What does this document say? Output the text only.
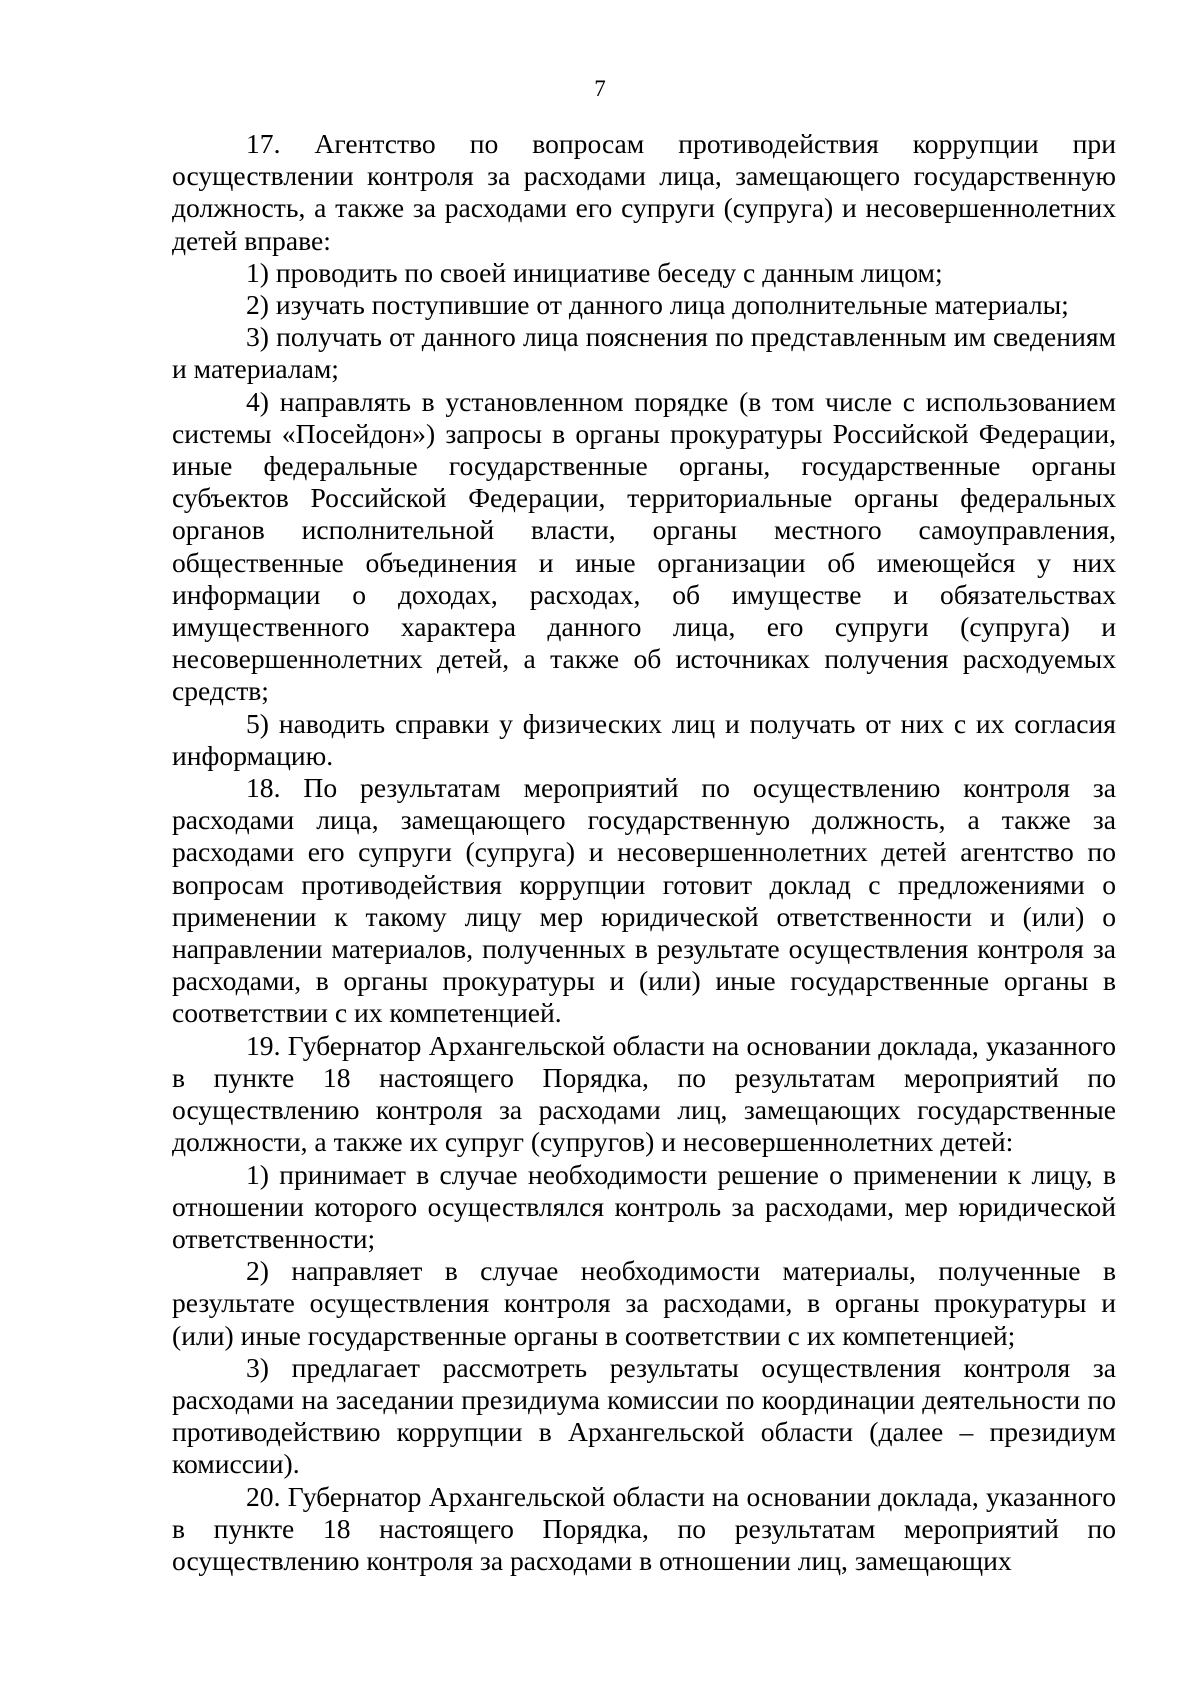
7

17. Агентство по вопросам противодействия коррупции при осуществлении контроля за расходами лица, замещающего государственную должность, а также за расходами его супруги (супруга) и несовершеннолетних детей вправе:

1) проводить по своей инициативе беседу с данным лицом;

2) изучать поступившие от данного лица дополнительные материалы;

3) получать от данного лица пояснения по представленным им сведениям и материалам;

4) направлять в установленном порядке (в том числе с использованием системы «Посейдон») запросы в органы прокуратуры Российской Федерации, иные федеральные государственные органы, государственные органы субъектов Российской Федерации, территориальные органы федеральных органов исполнительной власти, органы местного самоуправления, общественные объединения и иные организации об имеющейся у них информации о доходах, расходах, об имуществе и обязательствах имущественного характера данного лица, его супруги (супруга) и несовершеннолетних детей, а также об источниках получения расходуемых средств;

5) наводить справки у физических лиц и получать от них с их согласия информацию.

18. По результатам мероприятий по осуществлению контроля за расходами лица, замещающего государственную должность, а также за расходами его супруги (супруга) и несовершеннолетних детей агентство по вопросам противодействия коррупции готовит доклад с предложениями о применении к такому лицу мер юридической ответственности и (или) о направлении материалов, полученных в результате осуществления контроля за расходами, в органы прокуратуры и (или) иные государственные органы в соответствии с их компетенцией.

19. Губернатор Архангельской области на основании доклада, указанного в пункте 18 настоящего Порядка, по результатам мероприятий по осуществлению контроля за расходами лиц, замещающих государственные должности, а также их супруг (супругов) и несовершеннолетних детей:

1) принимает в случае необходимости решение о применении к лицу, в отношении которого осуществлялся контроль за расходами, мер юридической ответственности;

2) направляет в случае необходимости материалы, полученные в результате осуществления контроля за расходами, в органы прокуратуры и (или) иные государственные органы в соответствии с их компетенцией;

3) предлагает рассмотреть результаты осуществления контроля за расходами на заседании президиума комиссии по координации деятельности по противодействию коррупции в Архангельской области (далее – президиум комиссии).

20. Губернатор Архангельской области на основании доклада, указанного в пункте 18 настоящего Порядка, по результатам мероприятий по осуществлению контроля за расходами в отношении лиц, замещающих
